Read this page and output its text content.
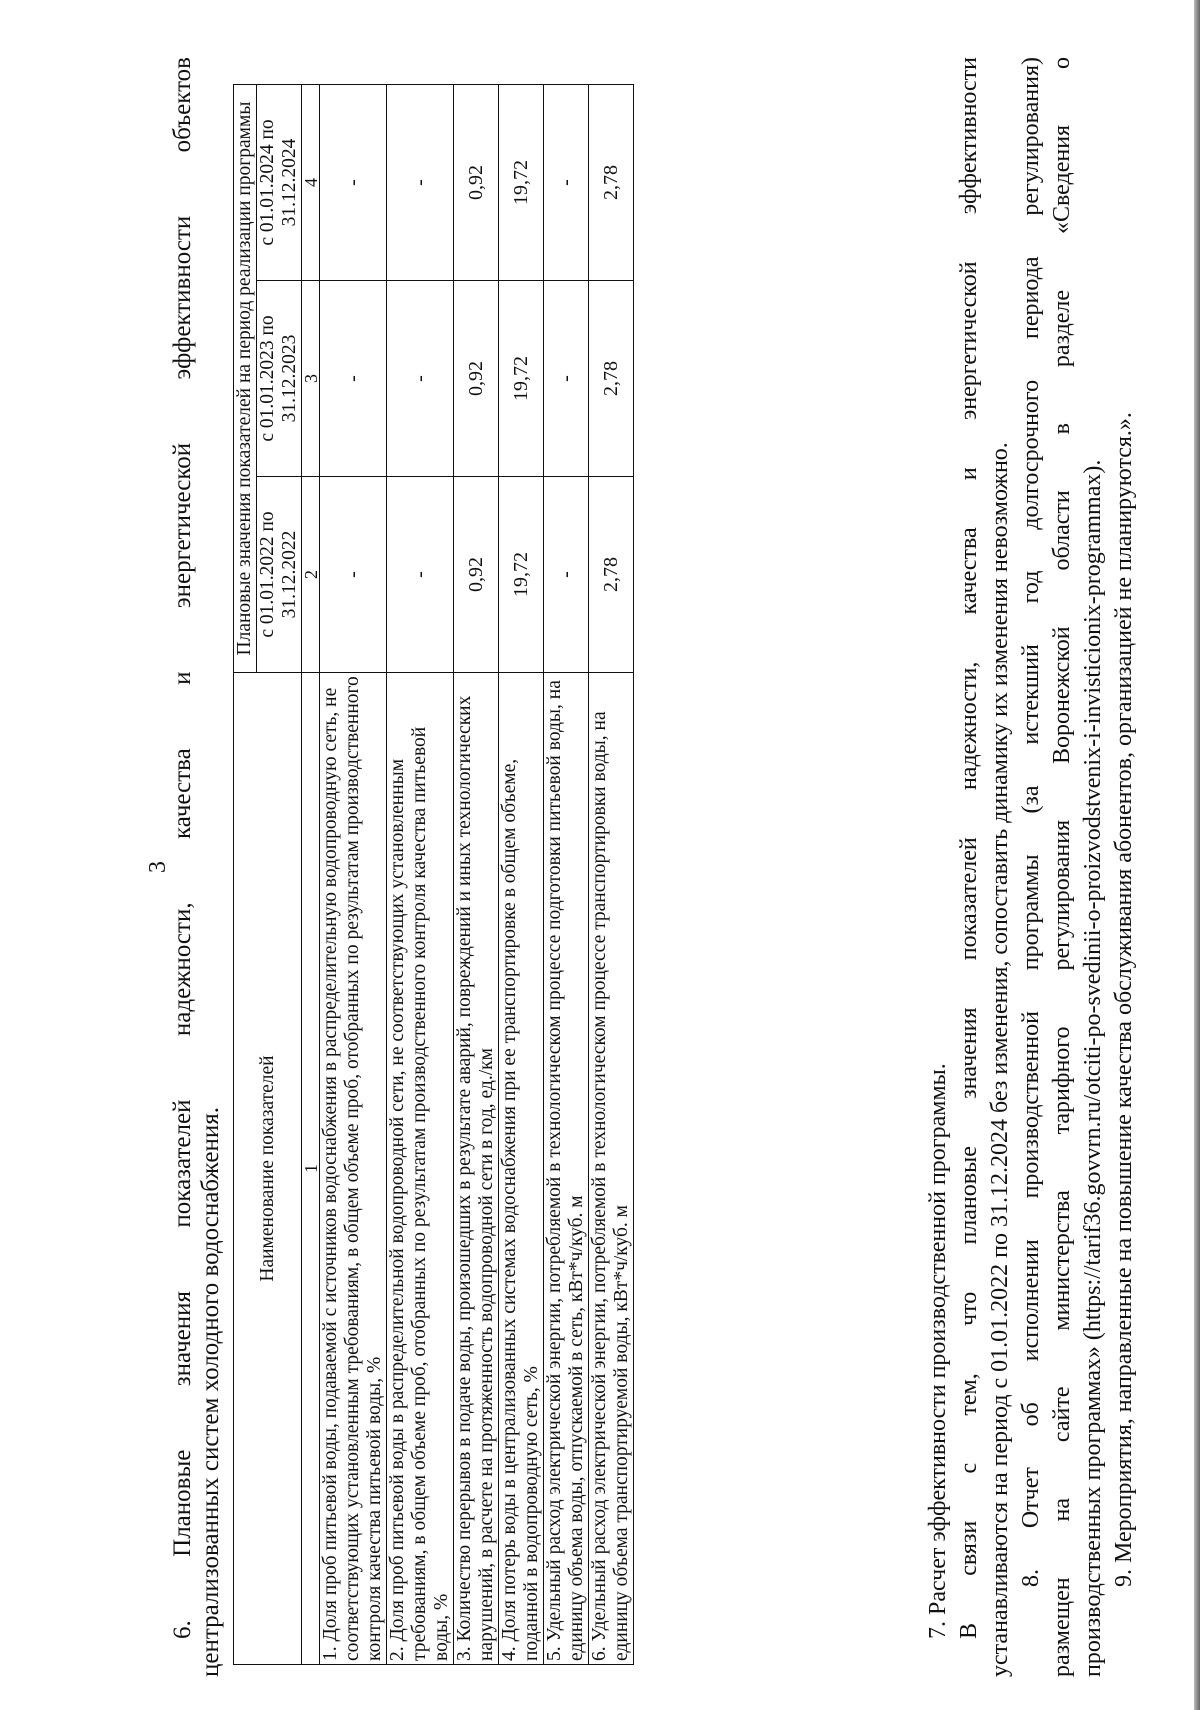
3
6. Плановые значения показателей надежности, качества и энергетической эффективности объектов централизованных систем холодного водоснабжения. Наименование показателей	Плановые значения показателей на период реализации программы		
	с 01.01.2022 по 31.12.2022	с 01.01.2023 по 31.12.2023	с 01.01.2024 по 31.12.2024
1	2	3	4
1. Доля проб питьевой воды, подаваемой с источников водоснабжения в распределительную водопроводную сеть, не соответствующих установленным требованиям, в общем объеме проб, отобранных по результатам производственного контроля качества питьевой воды, %	-	-	-
2. Доля проб питьевой воды в распределительной водопроводной сети, не соответствующих установленным требованиям, в общем объеме проб, отобранных по результатам производственного контроля качества питьевой воды, %	-	-	-
3. Количество перерывов в подаче воды, произошедших в результате аварий, повреждений и иных технологических нарушений, в расчете на протяженность водопроводной сети в год, ед./км	0,92	0,92	0,92
4. Доля потерь воды в централизованных системах водоснабжения при ее транспортировке в общем объеме, поданной в водопроводную сеть, %	19,72	19,72	19,72
5. Удельный расход электрической энергии, потребляемой в технологическом процессе подготовки питьевой воды, на единицу объема воды, отпускаемой в сеть, кВт*ч/куб. м	-	-	-
6. Удельный расход электрической энергии, потребляемой в технологическом процессе транспортировки воды, на единицу объема транспортируемой воды, кВт*ч/куб. м	2,78	2,78	2,78

7. Расчет эффективности производственной программы. В связи с тем, что плановые значения показателей надежности, качества и энергетической эффективности устанавливаются на период с 01.01.2022 по 31.12.2024 без изменения, сопоставить динамику их изменения невозможно. 8. Отчет об исполнении производственной программы (за истекший год долгосрочного периода регулирования) размещен на сайте министерства тарифного регулирования Воронежской области в разделе «Сведения о производственных программах» (https://tarif36.govvrn.ru/otciti-po-svedinii-o-proizvodstvenix-i-invisticionix-programmax). 9. Мероприятия, направленные на повышение качества обслуживания абонентов, организацией не планируются.».
